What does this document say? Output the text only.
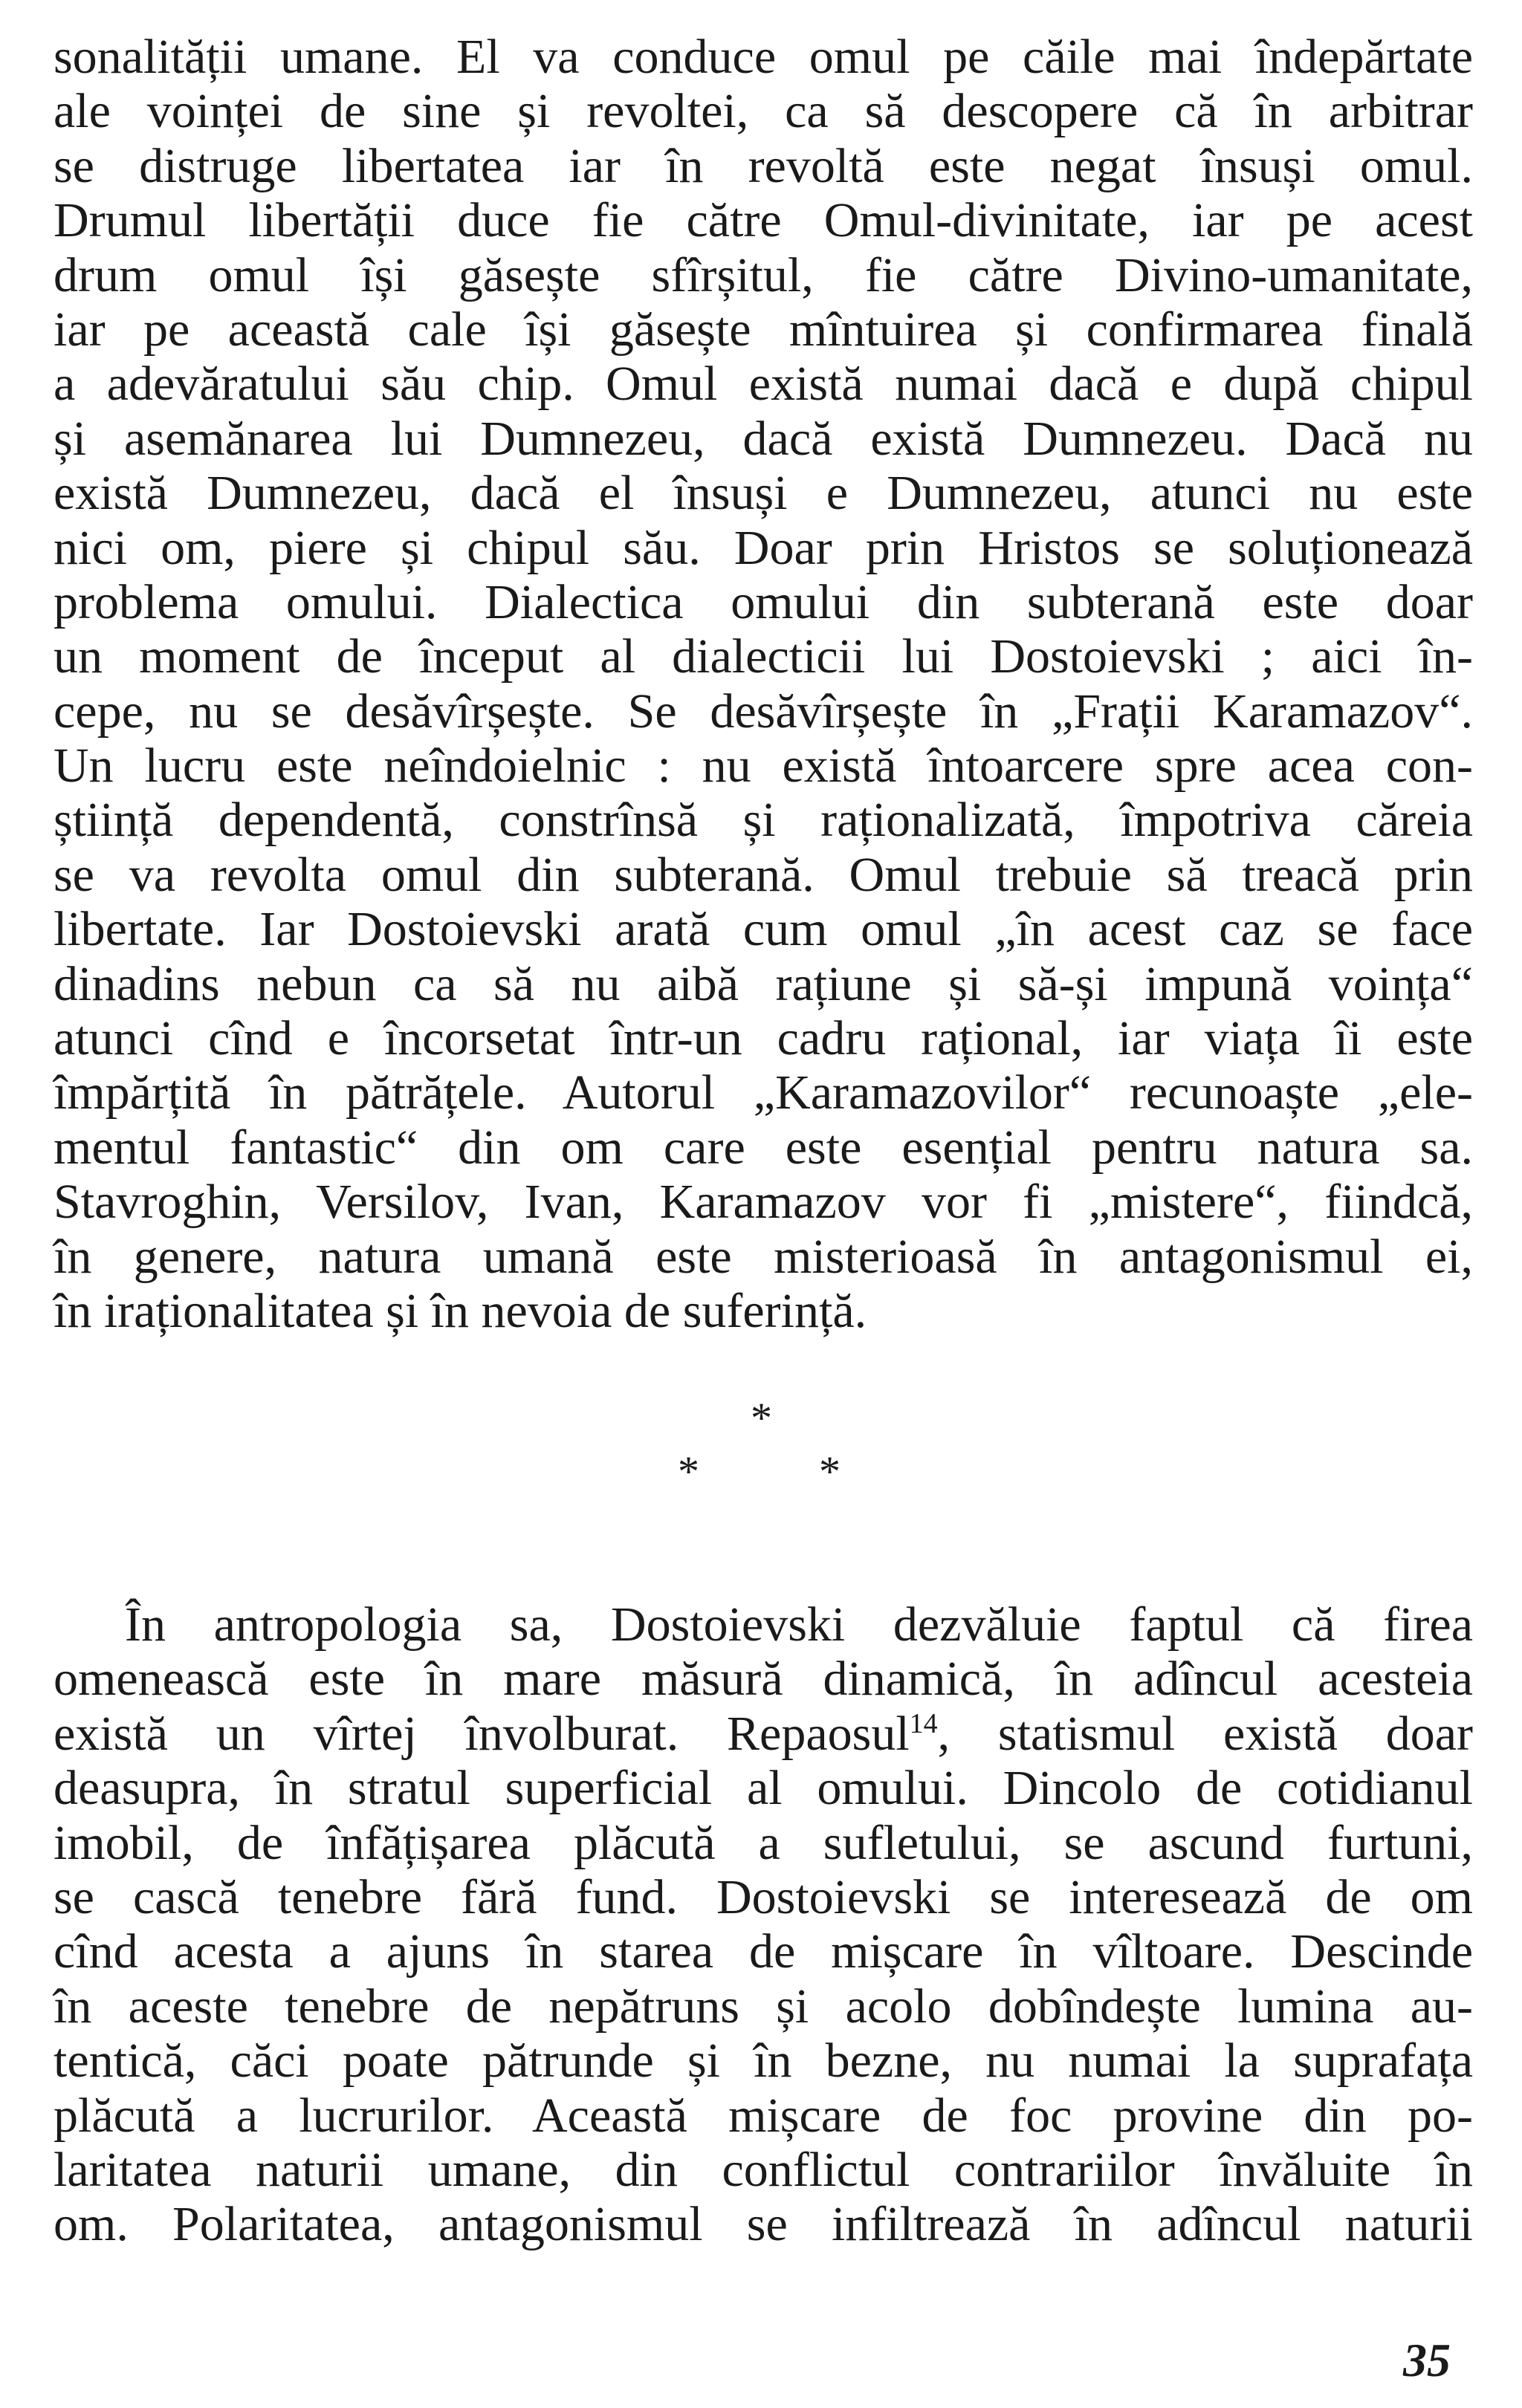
sonalității umane. El va conduce omul pe căile mai îndepărtate
ale voinței de sine și revoltei, ca să descopere că în arbitrar
se distruge libertatea iar în revoltă este negat însuși omul.
Drumul libertății duce fie către Omul-divinitate, iar pe acest
drum omul își găsește sfîrșitul, fie către Divino-umanitate,
iar pe această cale își găsește mîntuirea și confirmarea finală
a adevăratului său chip. Omul există numai dacă e după chipul
și asemănarea lui Dumnezeu, dacă există Dumnezeu. Dacă nu
există Dumnezeu, dacă el însuși e Dumnezeu, atunci nu este
nici om, piere și chipul său. Doar prin Hristos se soluționează
problema omului. Dialectica omului din subterană este doar
un moment de început al dialecticii lui Dostoievski ; aici în-
cepe, nu se desăvîrșește. Se desăvîrșește în „Frații Karamazov“.
Un lucru este neîndoielnic : nu există întoarcere spre acea con-
știință dependentă, constrînsă și raționalizată, împotriva căreia
se va revolta omul din subterană. Omul trebuie să treacă prin
libertate. Iar Dostoievski arată cum omul „în acest caz se face
dinadins nebun ca să nu aibă rațiune și să-și impună voința“
atunci cînd e încorsetat într-un cadru rațional, iar viața îi este
împărțită în pătrățele. Autorul „Karamazovilor“ recunoaște „ele-
mentul fantastic“ din om care este esențial pentru natura sa.
Stavroghin, Versilov, Ivan, Karamazov vor fi „mistere“, fiindcă,
în genere, natura umană este misterioasă în antagonismul ei,
în iraționalitatea și în nevoia de suferință.
*
*	*
În antropologia sa, Dostoievski dezvăluie faptul că firea
omenească este în mare măsură dinamică, în adîncul acesteia
există un vîrtej învolburat. Repaosul$^{14}$, statismul există doar
deasupra, în stratul superficial al omului. Dincolo de cotidianul
imobil, de înfățișarea plăcută a sufletului, se ascund furtuni,
se cască tenebre fără fund. Dostoievski se interesează de om
cînd acesta a ajuns în starea de mișcare în vîltoare. Descinde
în aceste tenebre de nepătruns și acolo dobîndește lumina au-
tentică, căci poate pătrunde și în bezne, nu numai la suprafața
plăcută a lucrurilor. Această mișcare de foc provine din po-
laritatea naturii umane, din conflictul contrariilor învăluite în
om. Polaritatea, antagonismul se infiltrează în adîncul naturii
35
